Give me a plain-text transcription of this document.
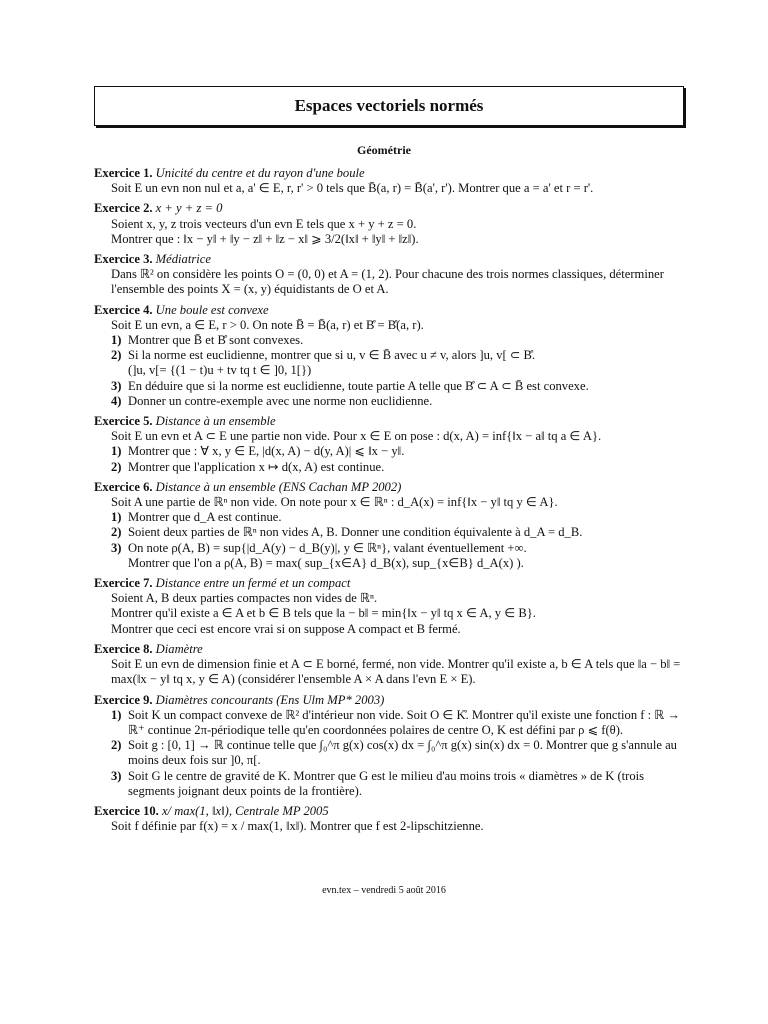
Espaces vectoriels normés
Géométrie
Exercice 1. Unicité du centre et du rayon d'une boule
Soit E un evn non nul et a, a' ∈ E, r, r' > 0 tels que B̄(a, r) = B̄(a', r'). Montrer que a = a' et r = r'.
Exercice 2. x + y + z = 0
Soient x, y, z trois vecteurs d'un evn E tels que x + y + z = 0.
Montrer que : ‖x − y‖ + ‖y − z‖ + ‖z − x‖ ⩾ 3/2(‖x‖ + ‖y‖ + ‖z‖).
Exercice 3. Médiatrice
Dans ℝ² on considère les points O = (0, 0) et A = (1, 2). Pour chacune des trois normes classiques, déterminer l'ensemble des points X = (x, y) équidistants de O et A.
Exercice 4. Une boule est convexe
Soit E un evn, a ∈ E, r > 0. On note B̄ = B̄(a, r) et B̊ = B̊(a, r).
1) Montrer que B̄ et B̊ sont convexes.
2) Si la norme est euclidienne, montrer que si u, v ∈ B̄ avec u ≠ v, alors ]u, v[ ⊂ B̊.
(]u, v[= {(1 − t)u + tv tq t ∈ ]0, 1[})
3) En déduire que si la norme est euclidienne, toute partie A telle que B̊ ⊂ A ⊂ B̄ est convexe.
4) Donner un contre-exemple avec une norme non euclidienne.
Exercice 5. Distance à un ensemble
Soit E un evn et A ⊂ E une partie non vide. Pour x ∈ E on pose : d(x, A) = inf{‖x − a‖ tq a ∈ A}.
1) Montrer que : ∀ x, y ∈ E, |d(x, A) − d(y, A)| ⩽ ‖x − y‖.
2) Montrer que l'application x ↦ d(x, A) est continue.
Exercice 6. Distance à un ensemble (ENS Cachan MP 2002)
Soit A une partie de ℝⁿ non vide. On note pour x ∈ ℝⁿ : d_A(x) = inf{‖x − y‖ tq y ∈ A}.
1) Montrer que d_A est continue.
2) Soient deux parties de ℝⁿ non vides A, B. Donner une condition équivalente à d_A = d_B.
3) On note ρ(A, B) = sup{|d_A(y) − d_B(y)|, y ∈ ℝⁿ}, valant éventuellement +∞.
Montrer que l'on a ρ(A, B) = max( sup_{x∈A} d_B(x), sup_{x∈B} d_A(x) ).
Exercice 7. Distance entre un fermé et un compact
Soient A, B deux parties compactes non vides de ℝⁿ.
Montrer qu'il existe a ∈ A et b ∈ B tels que ‖a − b‖ = min{‖x − y‖ tq x ∈ A, y ∈ B}.
Montrer que ceci est encore vrai si on suppose A compact et B fermé.
Exercice 8. Diamètre
Soit E un evn de dimension finie et A ⊂ E borné, fermé, non vide. Montrer qu'il existe a, b ∈ A tels que ‖a − b‖ = max(‖x − y‖ tq x, y ∈ A) (considérer l'ensemble A × A dans l'evn E × E).
Exercice 9. Diamètres concourants (Ens Ulm MP* 2003)
1) Soit K un compact convexe de ℝ² d'intérieur non vide. Soit O ∈ K̊. Montrer qu'il existe une fonction f : ℝ → ℝ⁺ continue 2π-périodique telle qu'en coordonnées polaires de centre O, K est défini par ρ ⩽ f(θ).
2) Soit g : [0, 1] → ℝ continue telle que ∫₀^π g(x) cos(x) dx = ∫₀^π g(x) sin(x) dx = 0. Montrer que g s'annule au moins deux fois sur ]0, π[.
3) Soit G le centre de gravité de K. Montrer que G est le milieu d'au moins trois « diamètres » de K (trois segments joignant deux points de la frontière).
Exercice 10. x/ max(1, ‖x‖), Centrale MP 2005
Soit f définie par f(x) = x / max(1, ‖x‖). Montrer que f est 2-lipschitzienne.
evn.tex – vendredi 5 août 2016
